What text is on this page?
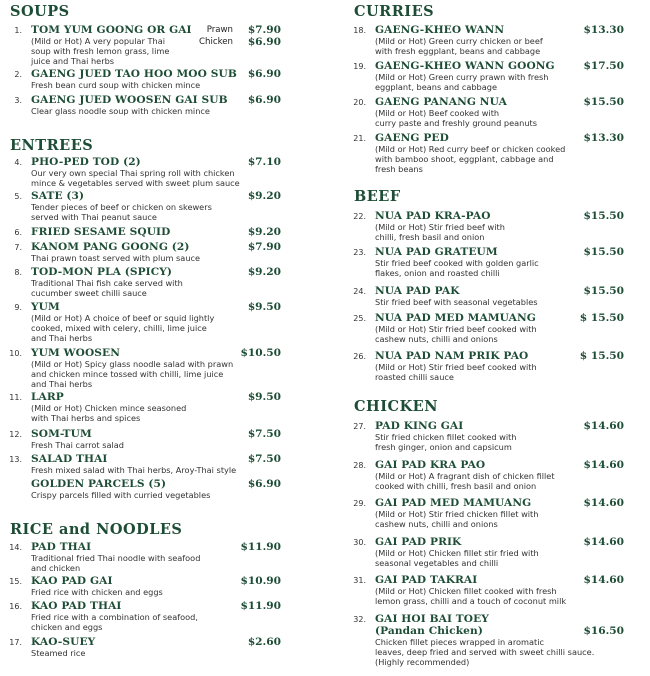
SOUPS
1. TOM YUM GOONG OR GAI
(Mild or Hot) A very popular Thai
soup with fresh lemon grass, lime
juice and Thai herbs
$7.90
Prawn
$6.90
Chicken
2. GAENG JUED TAO HOO MOO SUB
Fresh bean curd soup with chicken mince
$6.90
3. GAENG JUED WOOSEN GAI SUB
Clear glass noodle soup with chicken mince
$6.90
ENTREES
4. PHO-PED TOD (2)
Our very own special Thai spring roll with chicken
mince & vegetables served with sweet plum sauce
$7.10
5. SATE (3)
Tender pieces of beef or chicken on skewers
served with Thai peanut sauce
$9.20
6. FRIED SESAME SQUID	$9.20
7. KANOM PANG GOONG (2)
Thai prawn toast served with plum sauce
$7.90
8. TOD-MON PLA (SPICY)
Traditional Thai fish cake served with
cucumber sweet chilli sauce
$9.20
9. YUM
(Mild or Hot) A choice of beef or squid lightly
cooked, mixed with celery, chilli, lime juice
and Thai herbs
$9.50
10. YUM WOOSEN
(Mild or Hot) Spicy glass noodle salad with prawn
and chicken mince tossed with chilli, lime juice
and Thai herbs
$10.50
11. LARP
(Mild or Hot) Chicken mince seasoned
with Thai herbs and spices
$9.50
12. SOM-TUM
Fresh Thai carrot salad
$7.50
13. SALAD THAI
Fresh mixed salad with Thai herbs, Aroy-Thai style
$7.50
GOLDEN PARCELS (5)
Crispy parcels filled with curried vegetables
$6.90
RICE and NOODLES
14. PAD THAI
Traditional fried Thai noodle with seafood
and chicken
$11.90
15. KAO PAD GAI
Fried rice with chicken and eggs
$10.90
16. KAO PAD THAI
Fried rice with a combination of seafood,
chicken and eggs
$11.90
17. KAO-SUEY
Steamed rice
$2.60
CURRIES
18. GAENG-KHEO WANN
(Mild or Hot) Green curry chicken or beef
with fresh eggplant, beans and cabbage
$13.30
19. GAENG-KHEO WANN GOONG
(Mild or Hot) Green curry prawn with fresh
eggplant, beans and cabbage
$17.50
20. GAENG PANANG NUA
(Mild or Hot) Beef cooked with
curry paste and freshly ground peanuts
$15.50
21. GAENG PED
(Mild or Hot) Red curry beef or chicken cooked
with bamboo shoot, eggplant, cabbage and
fresh beans
$13.30
BEEF
22. NUA PAD KRA-PAO
(Mild or Hot) Stir fried beef with
chilli, fresh basil and onion
$15.50
23. NUA PAD GRATEUM
Stir fried beef cooked with golden garlic
flakes, onion and roasted chilli
$15.50
24. NUA PAD PAK
Stir fried beef with seasonal vegetables
$15.50
25. NUA PAD MED MAMUANG
(Mild or Hot) Stir fried beef cooked with
cashew nuts, chilli and onions
$ 15.50
26. NUA PAD NAM PRIK PAO
(Mild or Hot) Stir fried beef cooked with
roasted chilli sauce
$ 15.50
CHICKEN
27. PAD KING GAI
Stir fried chicken fillet cooked with
fresh ginger, onion and capsicum
$14.60
28. GAI PAD KRA PAO
(Mild or Hot) A fragrant dish of chicken fillet
cooked with chilli, fresh basil and onion
$14.60
29. GAI PAD MED MAMUANG
(Mild or Hot) Stir fried chicken fillet with
cashew nuts, chilli and onions
$14.60
30. GAI PAD PRIK
(Mild or Hot) Chicken fillet stir fried with
seasonal vegetables and chilli
$14.60
31. GAI PAD TAKRAI
(Mild or Hot) Chicken fillet cooked with fresh
lemon grass, chilli and a touch of coconut milk
$14.60
32. GAI HOI BAI TOEY
(Pandan Chicken)
Chicken fillet pieces wrapped in aromatic
leaves, deep fried and served with sweet chilli sauce.
(Highly recommended)
$16.50
